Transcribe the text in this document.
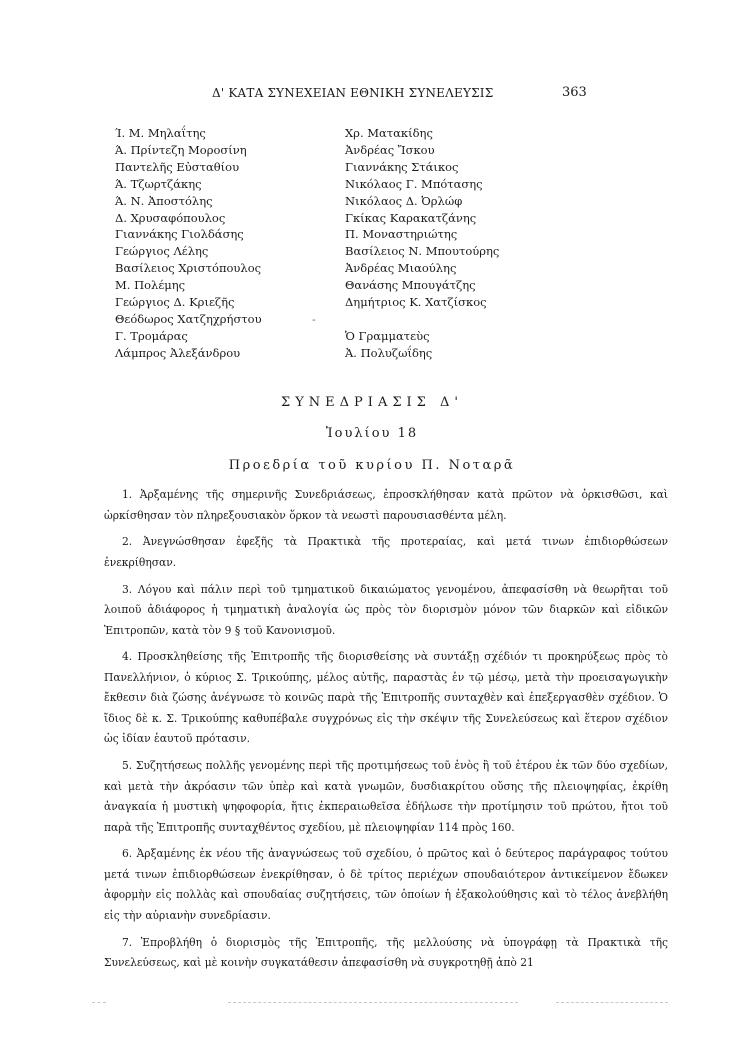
Δ' ΚΑΤΑ ΣΥΝΕΧΕΙΑΝ ΕΘΝΙΚΗ ΣΥΝΕΛΕΥΣΙΣ	363
Ί. Μ. Μηλαΐτης
Ά. Πρίντεζη Μοροσίνη
Παντελῆς Εὐσταθίου
Ά. Τζωρτζάκης
Ά. Ν. Ἀποστόλης
Δ. Χρυσαφόπουλος
Γιαννάκης Γιολδάσης
Γεώργιος Λέλης
Βασίλειος Χριστόπουλος
Μ. Πολέμης
Γεώργιος Δ. Κριεζῆς
Θεόδωρος Χατζηχρήστου
Γ. Τρομάρας
Λάμπρος Ἀλεξάνδρου
Χρ. Ματακίδης
Ἀνδρέας Ἴσκου
Γιαννάκης Στάικος
Νικόλαος Γ. Μπότασης
Νικόλαος Δ. Ὀρλώφ
Γκίκας Καρακατζάνης
Π. Μοναστηριώτης
Βασίλειος Ν. Μπουτούρης
Ἀνδρέας Μιαούλης
Θανάσης Μπουγάτζης
Δημήτριος Κ. Χατζίσκος

Ὁ Γραμματεὺς
Ἀ. Πολυζωΐδης
-
ΣΥΝΕΔΡΙΑΣΙΣ Δ'
Ἰουλίου 18
Προεδρία τοῦ κυρίου Π. Νοταρᾶ

1. Ἀρξαμένης τῆς σημερινῆς Συνεδριάσεως, ἐπροσκλήθησαν κατὰ πρῶτον νὰ ὁρκισθῶσι, καὶ ὡρκίσθησαν τὸν πληρεξουσιακὸν ὅρκον τὰ νεωστὶ παρουσιασθέντα μέλη.

2. Ἀνεγνώσθησαν ἐφεξῆς τὰ Πρακτικὰ τῆς προτεραίας, καὶ μετά τινων ἐπιδιορθώσεων ἐνεκρίθησαν.

3. Λόγου καὶ πάλιν περὶ τοῦ τμηματικοῦ δικαιώματος γενομένου, ἀπεφασίσθη νὰ θεωρῆται τοῦ λοιποῦ ἀδιάφορος ἡ τμηματικὴ ἀναλογία ὡς πρὸς τὸν διορισμὸν μόνον τῶν διαρκῶν καὶ εἰδικῶν Ἐπιτροπῶν, κατὰ τὸν 9 § τοῦ Κανονισμοῦ.

4. Προσκληθείσης τῆς Ἐπιτροπῆς τῆς διορισθείσης νὰ συντάξῃ σχέδιόν τι προκηρύξεως πρὸς τὸ Πανελλήνιον, ὁ κύριος Σ. Τρικούπης, μέλος αὐτῆς, παραστὰς ἐν τῷ μέσῳ, μετὰ τὴν προεισαγωγικὴν ἔκθεσιν διὰ ζώσης ἀνέγνωσε τὸ κοινῶς παρὰ τῆς Ἐπιτροπῆς συνταχθὲν καὶ ἐπεξεργασθὲν σχέδιον. Ὁ ἴδιος δὲ κ. Σ. Τρικούπης καθυπέβαλε συγχρόνως εἰς τὴν σκέψιν τῆς Συνελεύσεως καὶ ἕτερον σχέδιον ὡς ἰδίαν ἑαυτοῦ πρότασιν.

5. Συζητήσεως πολλῆς γενομένης περὶ τῆς προτιμήσεως τοῦ ἑνὸς ἢ τοῦ ἑτέρου ἐκ τῶν δύο σχεδίων, καὶ μετὰ τὴν ἀκρόασιν τῶν ὑπὲρ καὶ κατὰ γνωμῶν, δυσδιακρίτου οὔσης τῆς πλειοψηφίας, ἐκρίθη ἀναγκαία ἡ μυστικὴ ψηφοφορία, ἥτις ἐκπεραιωθεῖσα ἐδήλωσε τὴν προτίμησιν τοῦ πρώτου, ἤτοι τοῦ παρὰ τῆς Ἐπιτροπῆς συνταχθέντος σχεδίου, μὲ πλειοψηφίαν 114 πρὸς 160.

6. Ἀρξαμένης ἐκ νέου τῆς ἀναγνώσεως τοῦ σχεδίου, ὁ πρῶτος καὶ ὁ δεύτερος παράγραφος τούτου μετά τινων ἐπιδιορθώσεων ἐνεκρίθησαν, ὁ δὲ τρίτος περιέχων σπουδαιότερον ἀντικείμενον ἔδωκεν ἀφορμὴν εἰς πολλὰς καὶ σπουδαίας συζητήσεις, τῶν ὁποίων ἡ ἐξακολούθησις καὶ τὸ τέλος ἀνεβλήθη εἰς τὴν αὐριανὴν συνεδρίασιν.

7. Ἐπροβλήθη ὁ διορισμὸς τῆς Ἐπιτροπῆς, τῆς μελλούσης νὰ ὑπογράφῃ τὰ Πρακτικὰ τῆς Συνελεύσεως, καὶ μὲ κοινὴν συγκατάθεσιν ἀπεφασίσθη νὰ συγκροτηθῇ ἀπὸ 21
